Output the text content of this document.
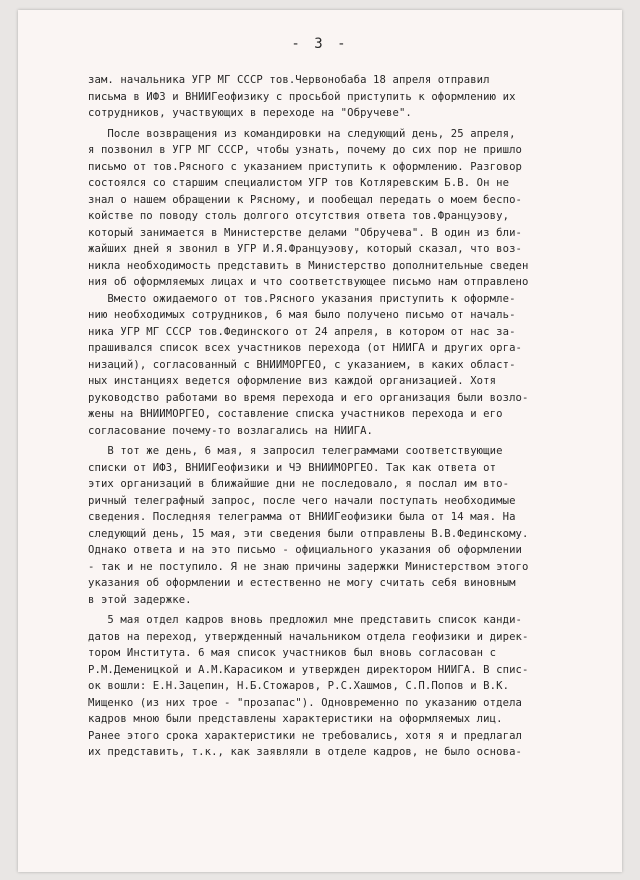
- 3 -
зам. начальника УГР МГ СССР тов.Червонобаба 18 апреля отправил
письма в ИФЗ и ВНИИГеофизику с просьбой приступить к оформлению их
сотрудников, участвующих в переходе на "Обручеве".
После возвращения из командировки на следующий день, 25 апреля,
я позвонил в УГР МГ СССР, чтобы узнать, почему до сих пор не пришло
письмо от тов.Рясного с указанием приступить к оформлению. Разговор
состоялся со старшим специалистом УГР тов Котляревским Б.В. Он не
знал о нашем обращении к Рясному, и пообещал передать о моем беспо-
койстве по поводу столь долгого отсутствия ответа тов.Француэову,
который занимается в Министерстве делами "Обручева". В один из бли-
жайших дней я звонил в УГР И.Я.Француэову, который сказал, что воз-
никла необходимость представить в Министерство дополнительные сведен
ния об оформляемых лицах и что соответствующее письмо нам отправлено
Вместо ожидаемого от тов.Рясного указания приступить к оформле-
нию необходимых сотрудников, 6 мая было получено письмо от началь-
ника УГР МГ СССР тов.Фединского от 24 апреля, в котором от нас за-
прашивался список всех участников перехода (от НИИГА и других орга-
низаций), согласованный с ВНИИМОРГЕО, с указанием, в каких област-
ных инстанциях ведется оформление виз каждой организацией. Хотя
руководство работами во время перехода и его организация были возло-
жены на ВНИИМОРГЕО, составление списка участников перехода и его
согласование почему-то возлагались на НИИГА.
В тот же день, 6 мая, я запросил телеграммами соответствующие
списки от ИФЗ, ВНИИГеофизики и ЧЭ ВНИИМОРГЕО. Так как ответа от
этих организаций в ближайшие дни не последовало, я послал им вто-
ричный телеграфный запрос, после чего начали поступать необходимые
сведения. Последняя телеграмма от ВНИИГеофизики была от 14 мая. На
следующий день, 15 мая, эти сведения были отправлены В.В.Фединскому.
Однако ответа и на это письмо - официального указания об оформлении
- так и не поступило. Я не знаю причины задержки Министерством этого
указания об оформлении и естественно не могу считать себя виновным
в этой задержке.
5 мая отдел кадров вновь предложил мне представить список канди-
датов на переход, утвержденный начальником отдела геофизики и дирек-
тором Института. 6 мая список участников был вновь согласован с
Р.М.Деменицкой и А.М.Карасиком и утвержден директором НИИГА. В спис-
ок вошли: Е.Н.Зацепин, Н.Б.Стожаров, Р.С.Хашмов, С.П.Попов и В.К.
Мищенко (из них трое - "прозапас"). Одновременно по указанию отдела
кадров мною были представлены характеристики на оформляемых лиц.
Ранее этого срока характеристики не требовались, хотя я и предлагал
их представить, т.к., как заявляли в отделе кадров, не было основа-
